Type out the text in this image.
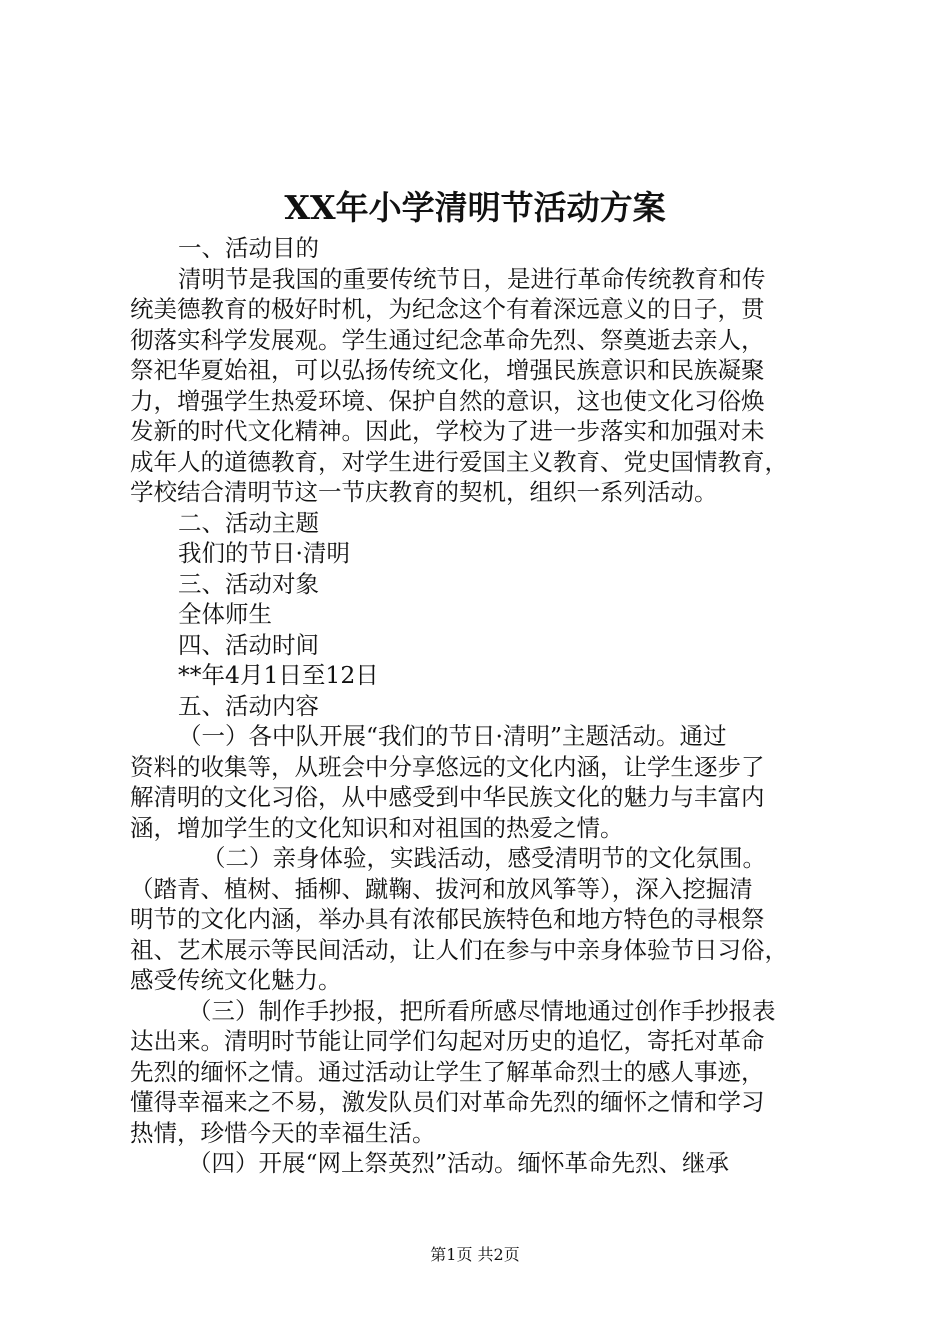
XX年小学清明节活动方案
一、活动目的
清明节是我国的重要传统节日，是进行革命传统教育和传
统美德教育的极好时机，为纪念这个有着深远意义的日子，贯
彻落实科学发展观。学生通过纪念革命先烈、祭奠逝去亲人，
祭祀华夏始祖，可以弘扬传统文化，增强民族意识和民族凝聚
力，增强学生热爱环境、保护自然的意识，这也使文化习俗焕
发新的时代文化精神。因此，学校为了进一步落实和加强对未
成年人的道德教育，对学生进行爱国主义教育、党史国情教育，
学校结合清明节这一节庆教育的契机，组织一系列活动。
二、活动主题
我们的节日·清明
三、活动对象
全体师生
四、活动时间
**年4月1日至12日
五、活动内容
（一）各中队开展“我们的节日·清明”主题活动。通过
资料的收集等，从班会中分享悠远的文化内涵，让学生逐步了
解清明的文化习俗，从中感受到中华民族文化的魅力与丰富内
涵，增加学生的文化知识和对祖国的热爱之情。
（二）亲身体验，实践活动，感受清明节的文化氛围。
（踏青、植树、插柳、蹴鞠、拔河和放风筝等），深入挖掘清
明节的文化内涵，举办具有浓郁民族特色和地方特色的寻根祭
祖、艺术展示等民间活动，让人们在参与中亲身体验节日习俗，
感受传统文化魅力。
（三）制作手抄报，把所看所感尽情地通过创作手抄报表
达出来。清明时节能让同学们勾起对历史的追忆，寄托对革命
先烈的缅怀之情。通过活动让学生了解革命烈士的感人事迹，
懂得幸福来之不易，激发队员们对革命先烈的缅怀之情和学习
热情，珍惜今天的幸福生活。
（四）开展“网上祭英烈”活动。缅怀革命先烈、继承
第1页 共2页
